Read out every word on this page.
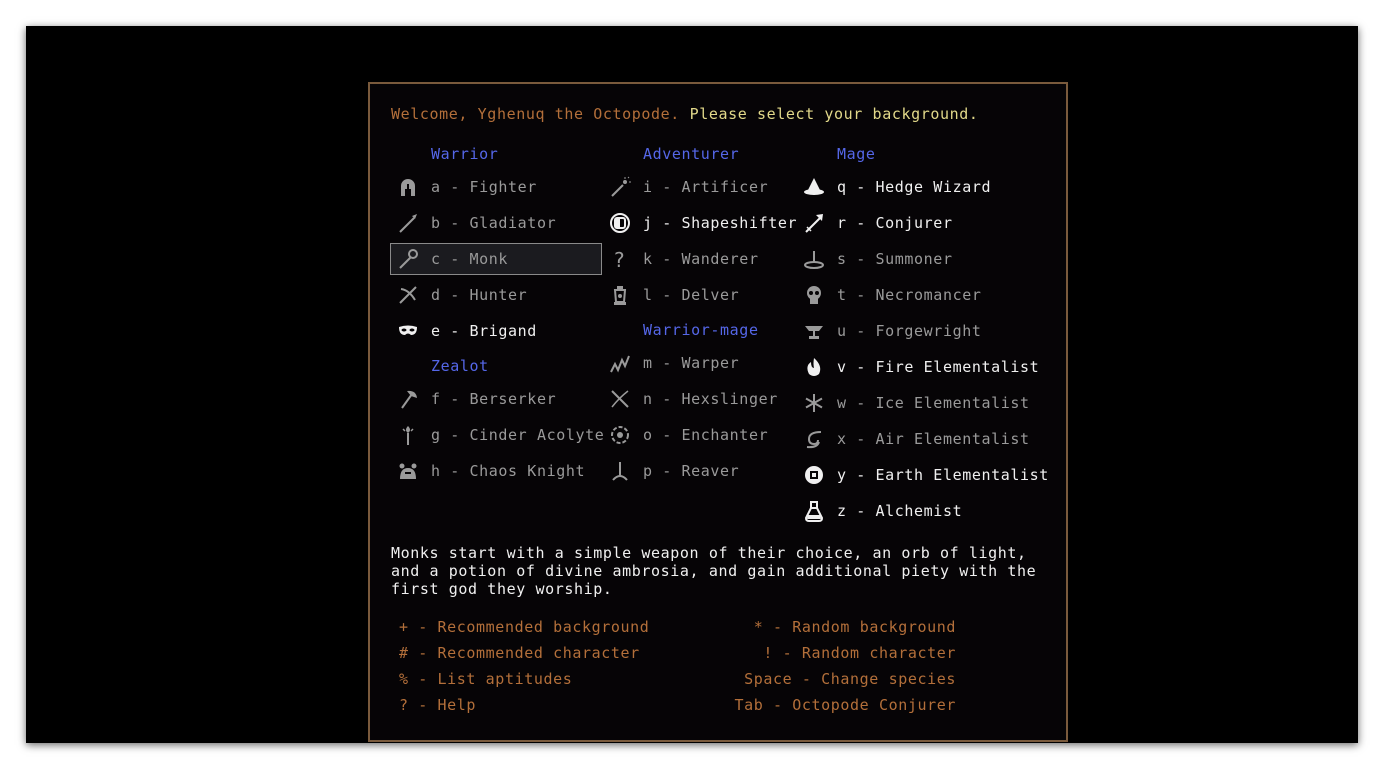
Welcome, Yghenuq the Octopode. Please select your background.
Warrior	Adventurer	Mage
Zealot
Warrior-mage
a - Fighter
b - Gladiator
c - Monk
d - Hunter
e - Brigand
f - Berserker
g - Cinder Acolyte
h - Chaos Knight
i - Artificer
j - Shapeshifter
? k - Wanderer
l - Delver
m - Warper
n - Hexslinger
o - Enchanter
p - Reaver
q - Hedge Wizard
r - Conjurer
s - Summoner
t - Necromancer
u - Forgewright
v - Fire Elementalist
w - Ice Elementalist
x - Air Elementalist
y - Earth Elementalist
z - Alchemist
Monks start with a simple weapon of their choice, an orb of light, and a potion of divine ambrosia, and gain additional piety with the first god they worship.
+ - Recommended background
# - Recommended character
% - List aptitudes
? - Help
* - Random background
! - Random character
Space - Change species
Tab - Octopode Conjurer
